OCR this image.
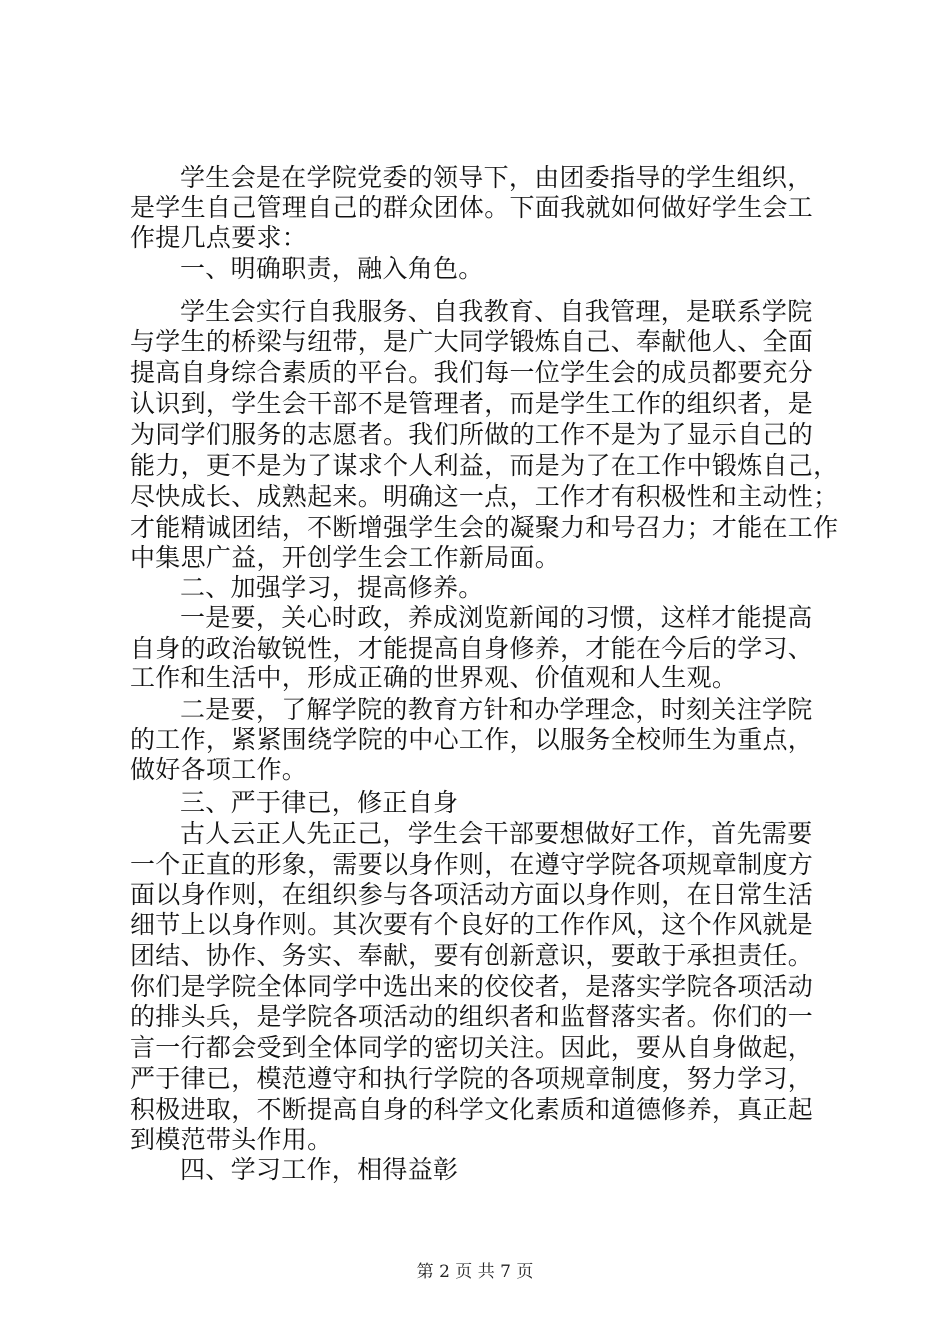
学生会是在学院党委的领导下，由团委指导的学生组织，
是学生自己管理自己的群众团体。下面我就如何做好学生会工
作提几点要求：
一、明确职责，融入角色。
学生会实行自我服务、自我教育、自我管理，是联系学院
与学生的桥梁与纽带，是广大同学锻炼自己、奉献他人、全面
提高自身综合素质的平台。我们每一位学生会的成员都要充分
认识到，学生会干部不是管理者，而是学生工作的组织者，是
为同学们服务的志愿者。我们所做的工作不是为了显示自己的
能力，更不是为了谋求个人利益，而是为了在工作中锻炼自己，
尽快成长、成熟起来。明确这一点，工作才有积极性和主动性；
才能精诚团结，不断增强学生会的凝聚力和号召力；才能在工作
中集思广益，开创学生会工作新局面。
二、加强学习，提高修养。
一是要，关心时政，养成浏览新闻的习惯，这样才能提高
自身的政治敏锐性，才能提高自身修养，才能在今后的学习、
工作和生活中，形成正确的世界观、价值观和人生观。
二是要，了解学院的教育方针和办学理念，时刻关注学院
的工作，紧紧围绕学院的中心工作，以服务全校师生为重点，
做好各项工作。
三、严于律已，修正自身
古人云正人先正己，学生会干部要想做好工作，首先需要
一个正直的形象，需要以身作则，在遵守学院各项规章制度方
面以身作则，在组织参与各项活动方面以身作则，在日常生活
细节上以身作则。其次要有个良好的工作作风，这个作风就是
团结、协作、务实、奉献，要有创新意识，要敢于承担责任。
你们是学院全体同学中选出来的佼佼者，是落实学院各项活动
的排头兵，是学院各项活动的组织者和监督落实者。你们的一
言一行都会受到全体同学的密切关注。因此，要从自身做起，
严于律已，模范遵守和执行学院的各项规章制度，努力学习，
积极进取，不断提高自身的科学文化素质和道德修养，真正起
到模范带头作用。
四、学习工作，相得益彰
第 2 页 共 7 页
